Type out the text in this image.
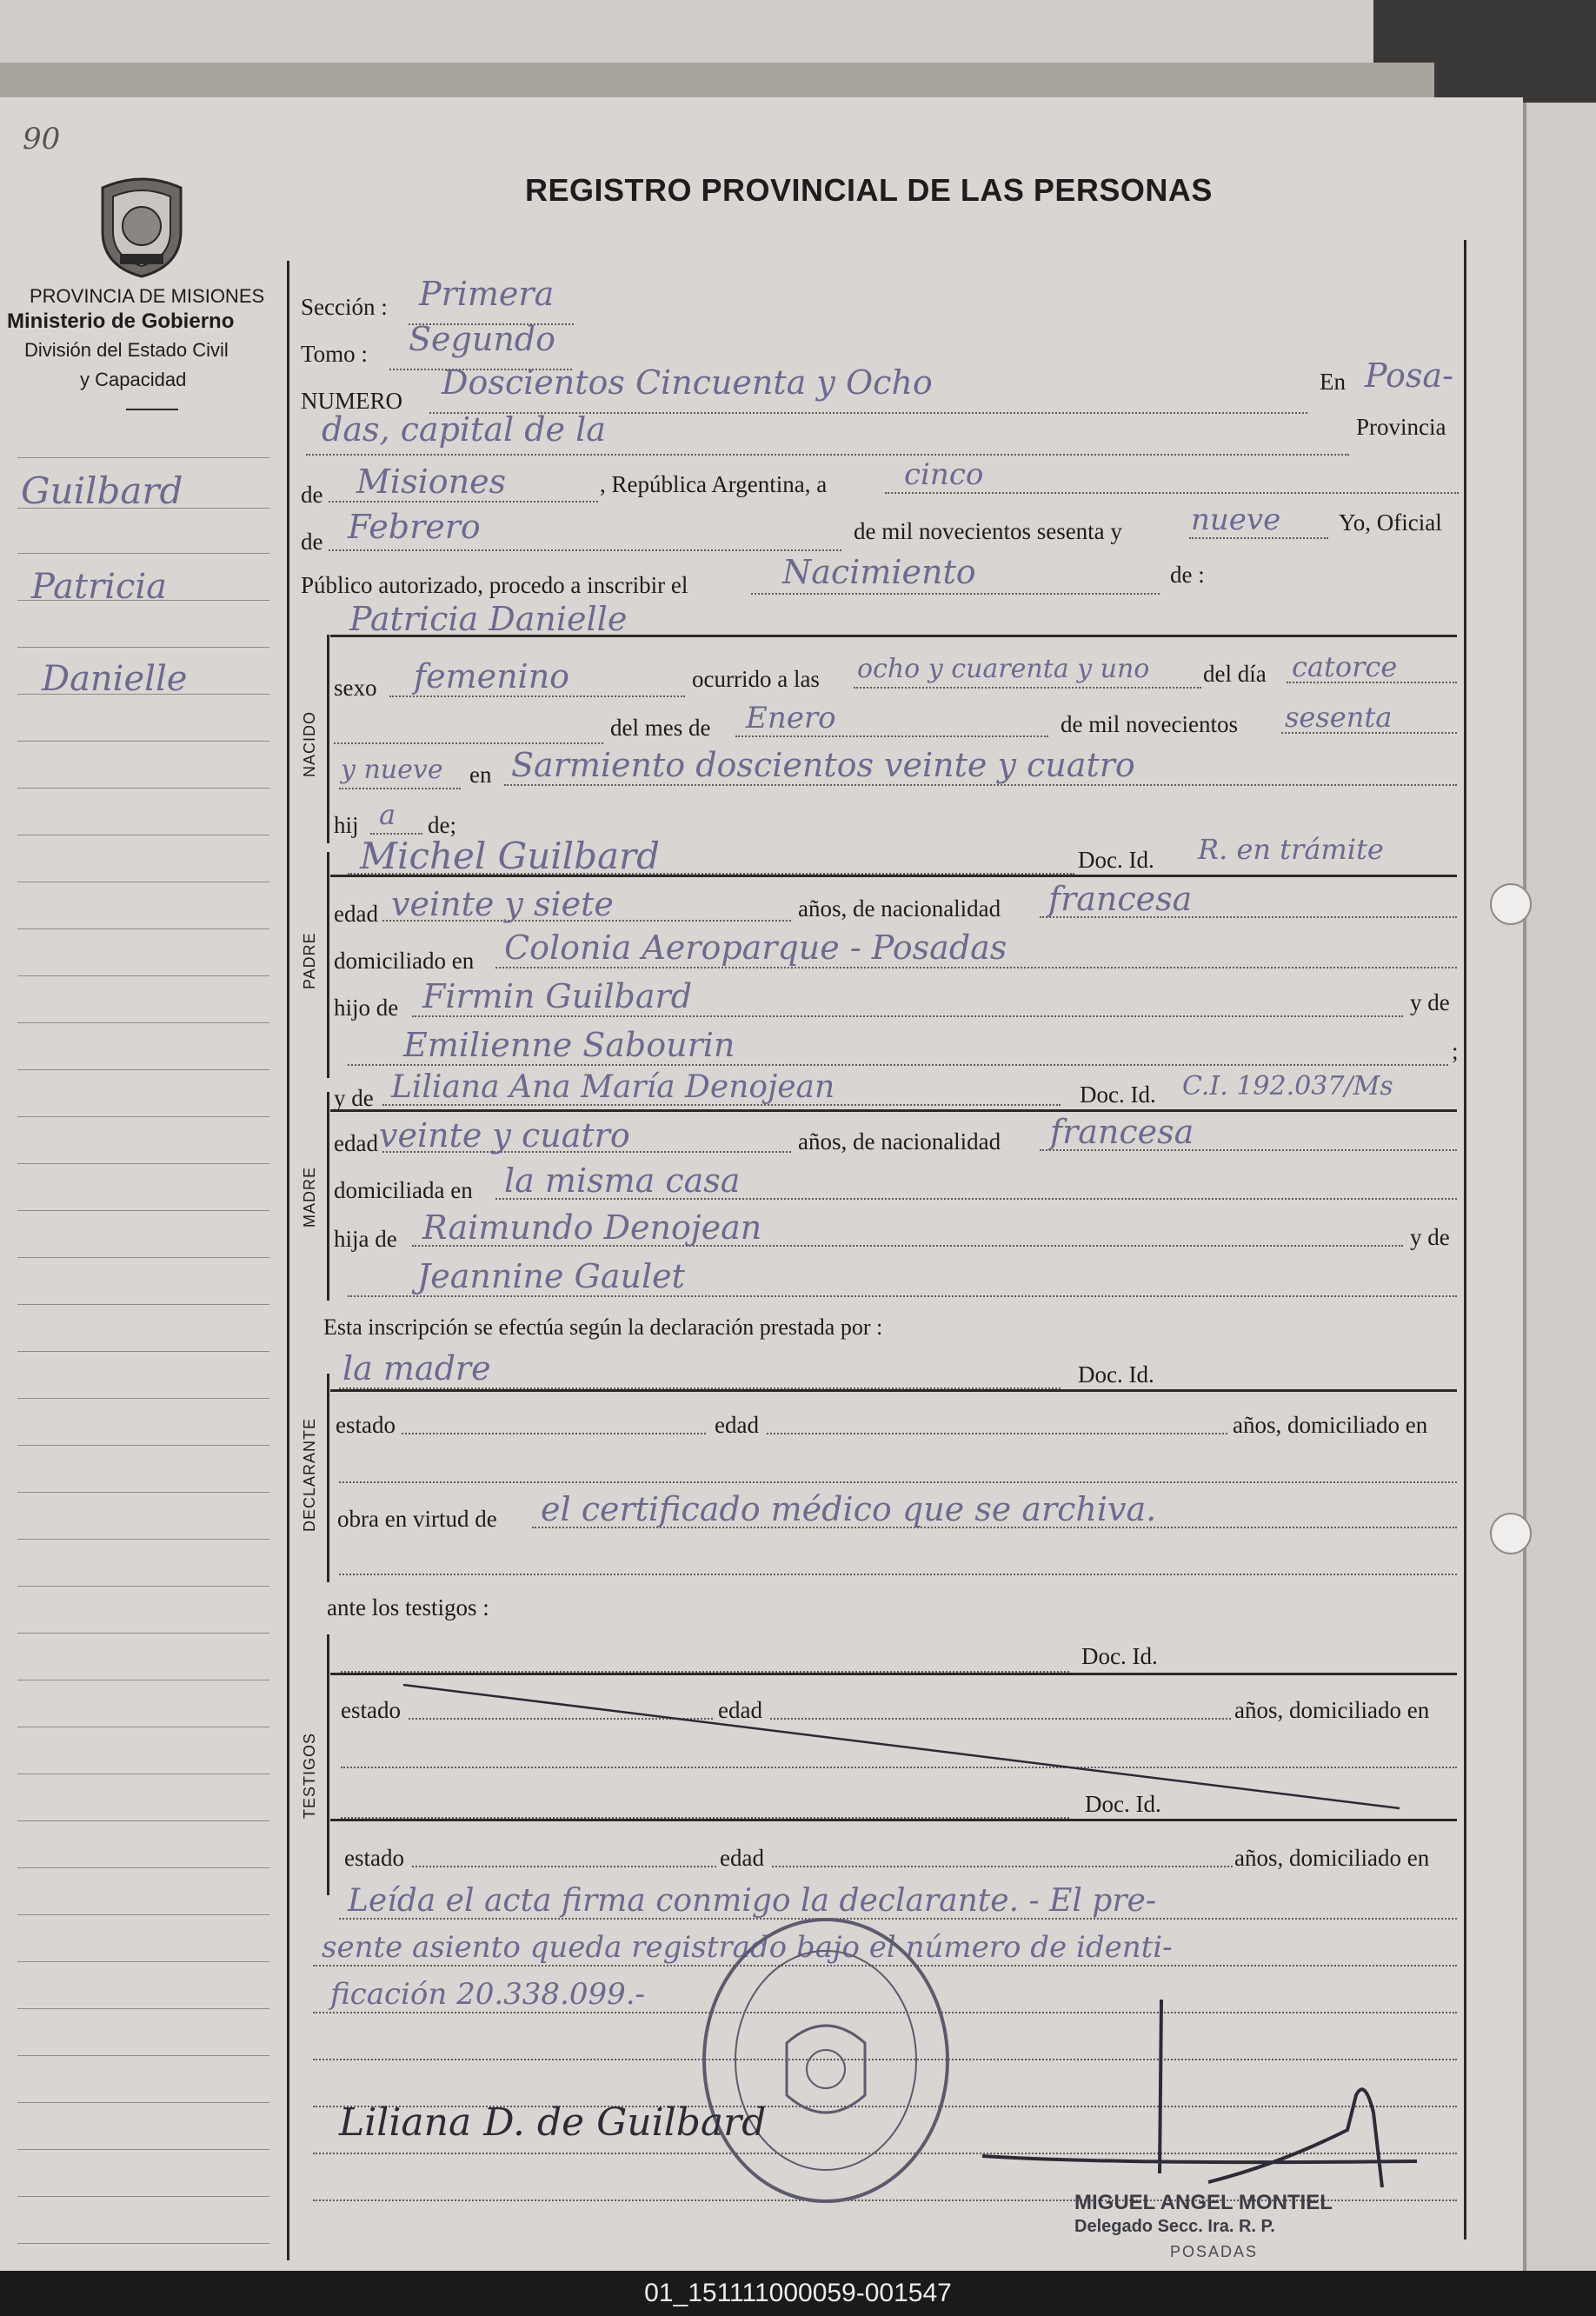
90
PROVINCIA DE MISIONES
Ministerio de Gobierno
División del Estado Civil
y Capacidad
REGISTRO PROVINCIAL DE LAS PERSONAS
Guilbard
Patricia
Danielle
NACIDO
PADRE
MADRE
DECLARANTE
TESTIGOS
Sección : Primera
Tomo : Segundo
NUMERO Doscientos Cincuenta y Ocho	En Posa-
das, capital de la	Provincia
de Misiones	, República Argentina, a	cinco
de Febrero	de mil novecientos sesenta y nueve Yo, Oficial
Público autorizado, procedo a inscribir el	Nacimiento	de :
Patricia Danielle
sexo femenino	ocurrido a las ocho y cuarenta y uno del día catorce
del mes de Enero	de mil novecientos sesenta
y nueve en Sarmiento doscientos veinte y cuatro
hij a de;
Michel Guilbard	Doc. Id. R. en trámite
edad veinte y siete	años, de nacionalidad francesa
domiciliado en Colonia Aeroparque - Posadas
hijo de Firmin Guilbard	y de
Emilienne Sabourin	;
y de Liliana Ana María Denojean	Doc. Id. C.I. 192.037/Ms
edad veinte y cuatro	años, de nacionalidad francesa
domiciliada en la misma casa
hija de Raimundo Denojean	y de
Jeannine Gaulet
Esta inscripción se efectúa según la declaración prestada por :
la madre	Doc. Id.
estado	edad	años, domiciliado en
obra en virtud de el certificado médico que se archiva.
ante los testigos :
Doc. Id.
estado	edad	años, domiciliado en
Doc. Id.
estado	edad	años, domiciliado en
Leída el acta firma conmigo la declarante. - El pre-
sente asiento queda registrado bajo el número de identi-
ficación 20.338.099.-
Liliana D. de Guilbard
MIGUEL ANGEL MONTIEL
Delegado Secc. Ira. R. P.
POSADAS
01_151111000059-001547
